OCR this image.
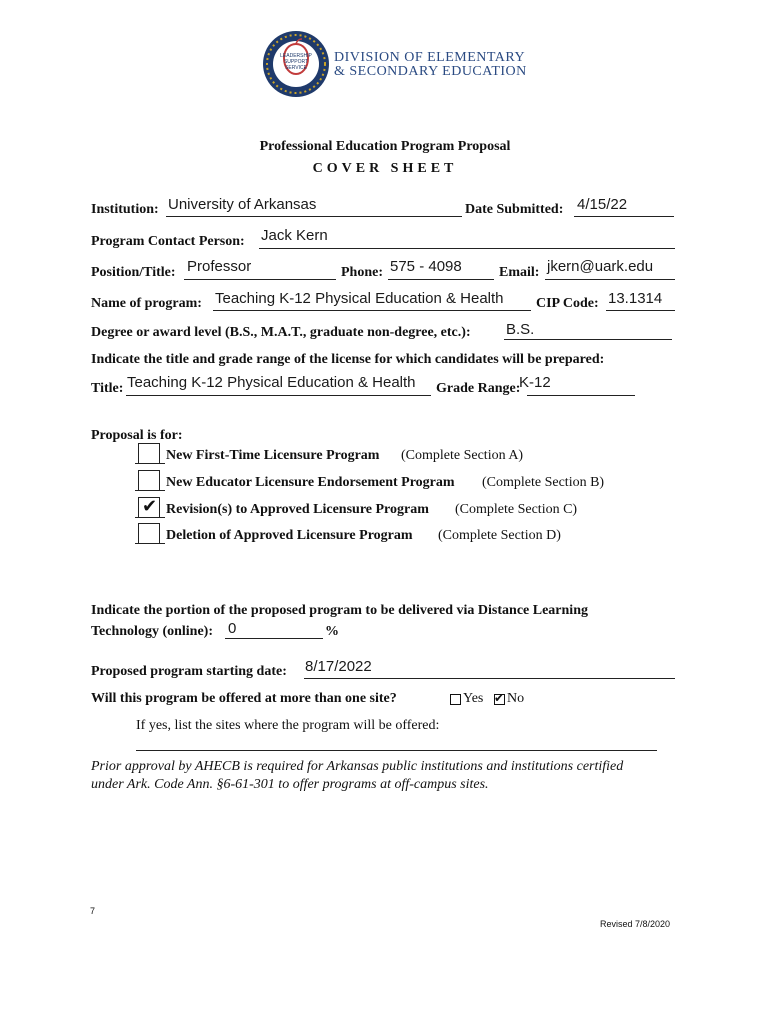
LEADERSHIP
SUPPORT
SERVICE
DIVISION OF ELEMENTARY
& SECONDARY EDUCATION
Professional Education Program Proposal
COVER SHEET
Institution: University of Arkansas	Date Submitted: 4/15/22
Program Contact Person: Jack Kern
Position/Title: Professor	Phone: 575 - 4098	Email: jkern@uark.edu
Name of program: Teaching K-12 Physical Education & Health CIP Code: 13.1314
Degree or award level (B.S., M.A.T., graduate non-degree, etc.): B.S.
Indicate the title and grade range of the license for which candidates will be prepared:
Title: Teaching K-12 Physical Education & Health Grade Range:
K-12
Proposal is for:
New First-Time Licensure Program (Complete Section A)
New Educator Licensure Endorsement Program (Complete Section B)
✔ Revision(s) to Approved Licensure Program (Complete Section C)
Deletion of Approved Licensure Program (Complete Section D)
Indicate the portion of the proposed program to be delivered via Distance Learning
Technology (online): 0	%
Proposed program starting date: 8/17/2022
Will this program be offered at more than one site?	Yes ✔ No
If yes, list the sites where the program will be offered:
Prior approval by AHECB is required for Arkansas public institutions and institutions certified
under Ark. Code Ann. §6-61-301 to offer programs at off-campus sites.
7
Revised 7/8/2020
